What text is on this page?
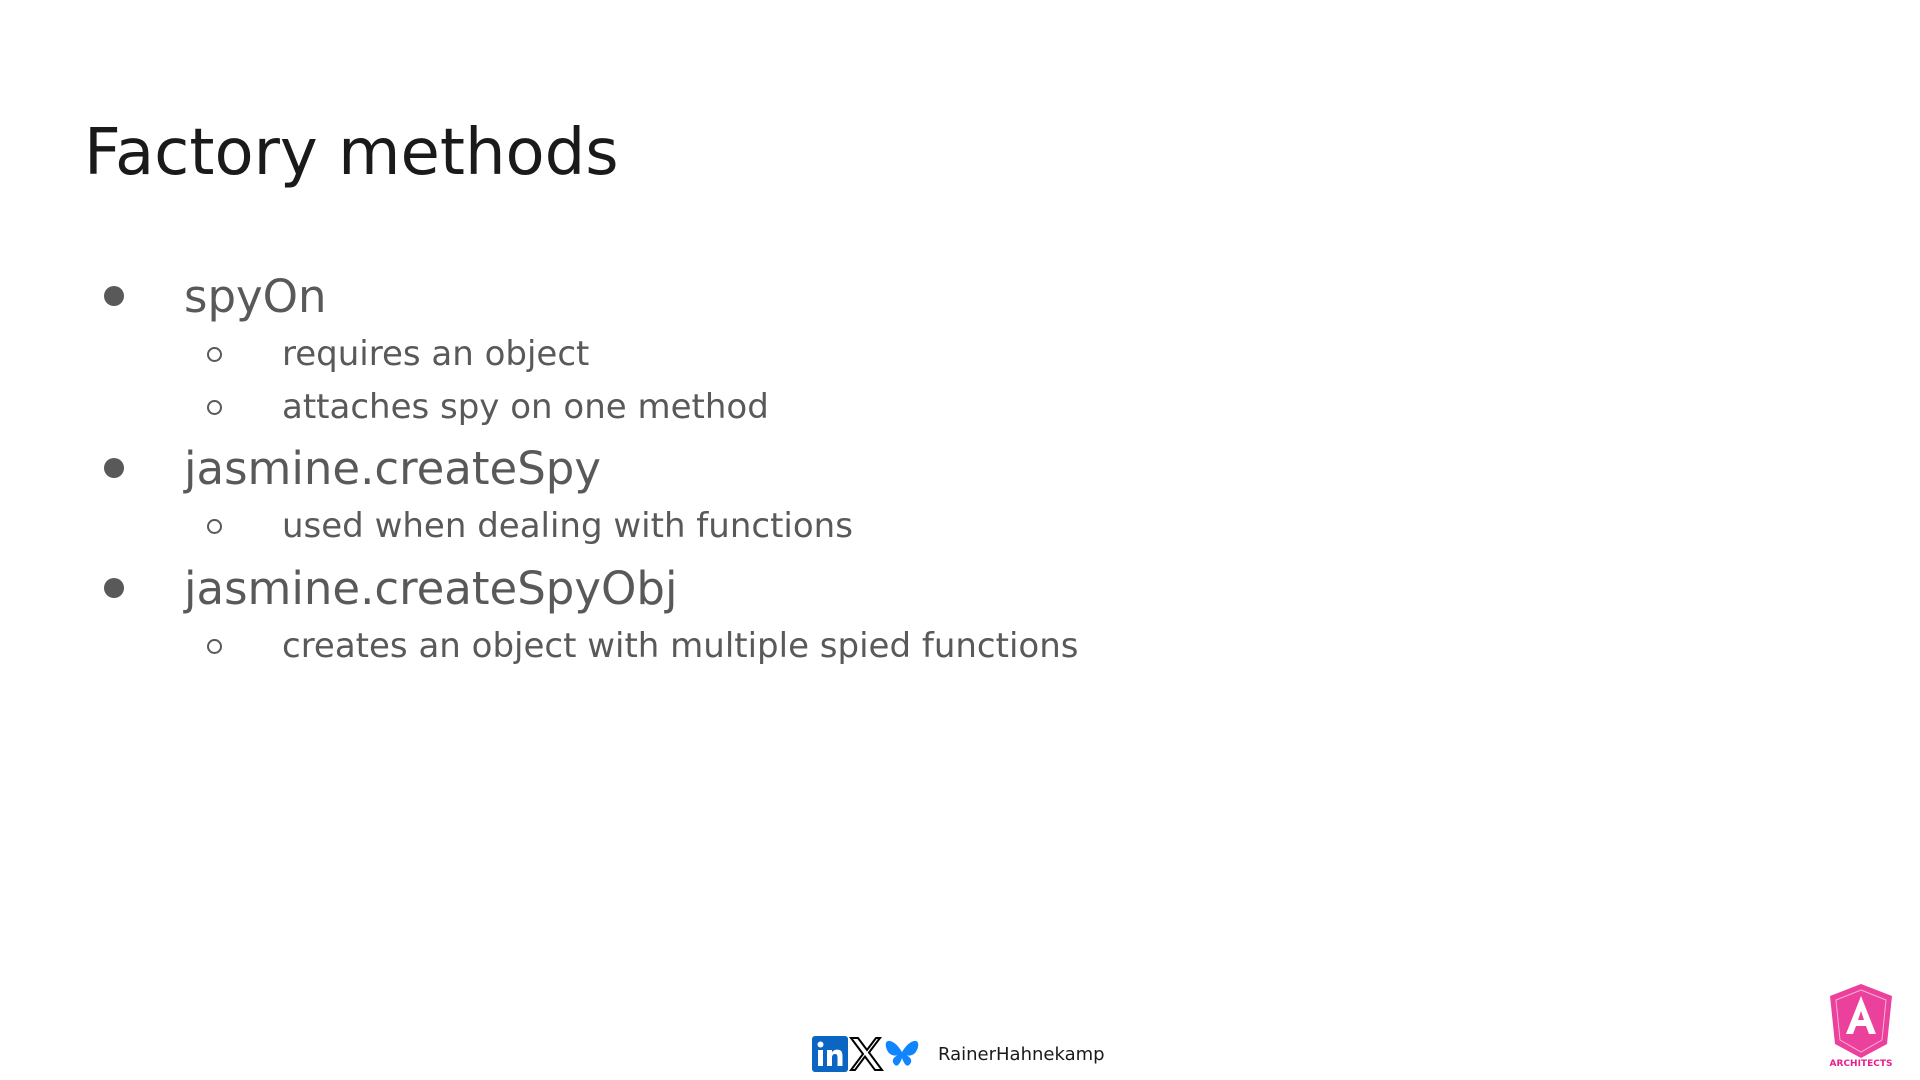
Factory methods
spyOn
requires an object
attaches spy on one method
jasmine.createSpy
used when dealing with functions
jasmine.createSpyObj
creates an object with multiple spied functions
RainerHahnekamp	ARCHITECTS
